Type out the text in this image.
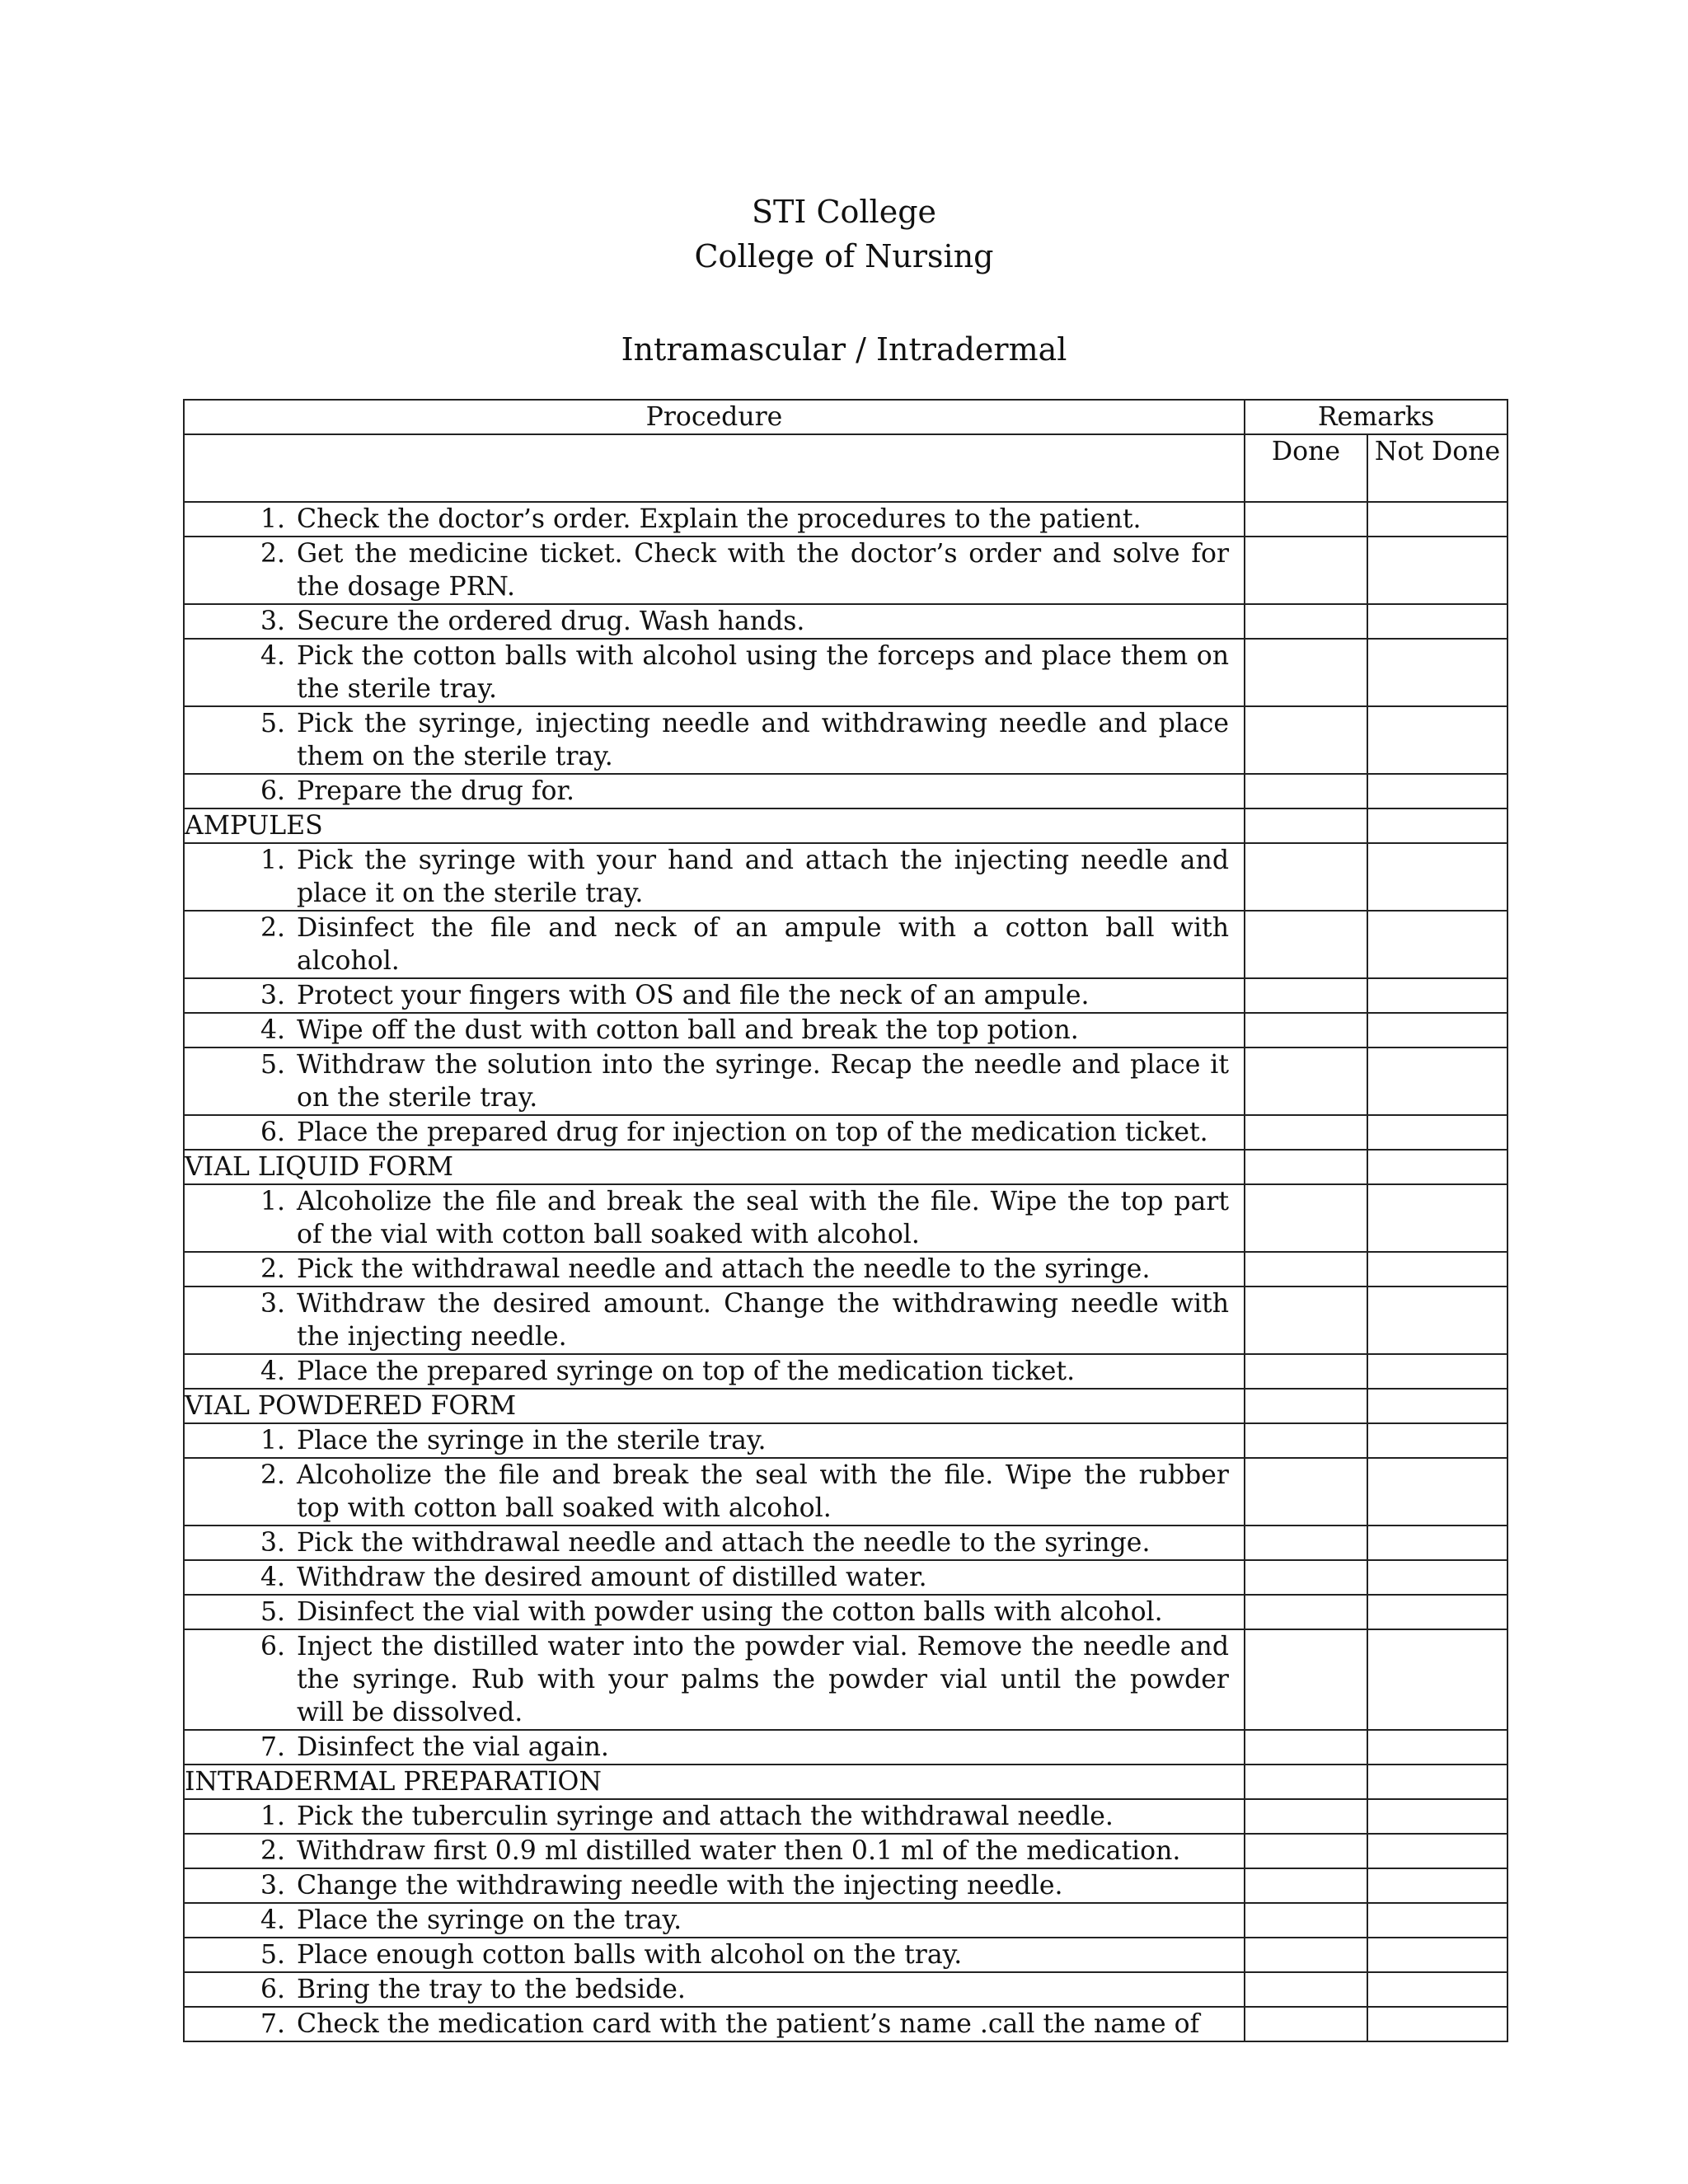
STI College
College of Nursing
Intramascular / Intradermal
Procedure	Remarks	
	Done	Not Done

1. Check the doctor’s order. Explain the procedures to the patient.		

2. Get the medicine ticket. Check with the doctor’s order and solve for the dosage PRN.		

3. Secure the ordered drug. Wash hands.		

4. Pick the cotton balls with alcohol using the forceps and place them on the sterile tray.		

5. Pick the syringe, injecting needle and withdrawing needle and place them on the sterile tray.		

6. Prepare the drug for.		

AMPULES		

1. Pick the syringe with your hand and attach the injecting needle and place it on the sterile tray.		

2. Disinfect the file and neck of an ampule with a cotton ball with alcohol.		

3. Protect your fingers with OS and file the neck of an ampule.		

4. Wipe off the dust with cotton ball and break the top potion.		

5. Withdraw the solution into the syringe. Recap the needle and place it on the sterile tray.		

6. Place the prepared drug for injection on top of the medication ticket.		

VIAL LIQUID FORM		

1. Alcoholize the file and break the seal with the file. Wipe the top part of the vial with cotton ball soaked with alcohol.		

2. Pick the withdrawal needle and attach the needle to the syringe.		

3. Withdraw the desired amount. Change the withdrawing needle with the injecting needle.		

4. Place the prepared syringe on top of the medication ticket.		

VIAL POWDERED FORM		

1. Place the syringe in the sterile tray.		

2. Alcoholize the file and break the seal with the file. Wipe the rubber top with cotton ball soaked with alcohol.		

3. Pick the withdrawal needle and attach the needle to the syringe.		

4. Withdraw the desired amount of distilled water.		

5. Disinfect the vial with powder using the cotton balls with alcohol.		

6. Inject the distilled water into the powder vial. Remove the needle and the syringe. Rub with your palms the powder vial until the powder will be dissolved.		

7. Disinfect the vial again.		

INTRADERMAL PREPARATION		

1. Pick the tuberculin syringe and attach the withdrawal needle.		

2. Withdraw first 0.9 ml distilled water then 0.1 ml of the medication.		

3. Change the withdrawing needle with the injecting needle.		

4. Place the syringe on the tray.		

5. Place enough cotton balls with alcohol on the tray.		

6. Bring the tray to the bedside.		

7. Check the medication card with the patient’s name .call the name of		
